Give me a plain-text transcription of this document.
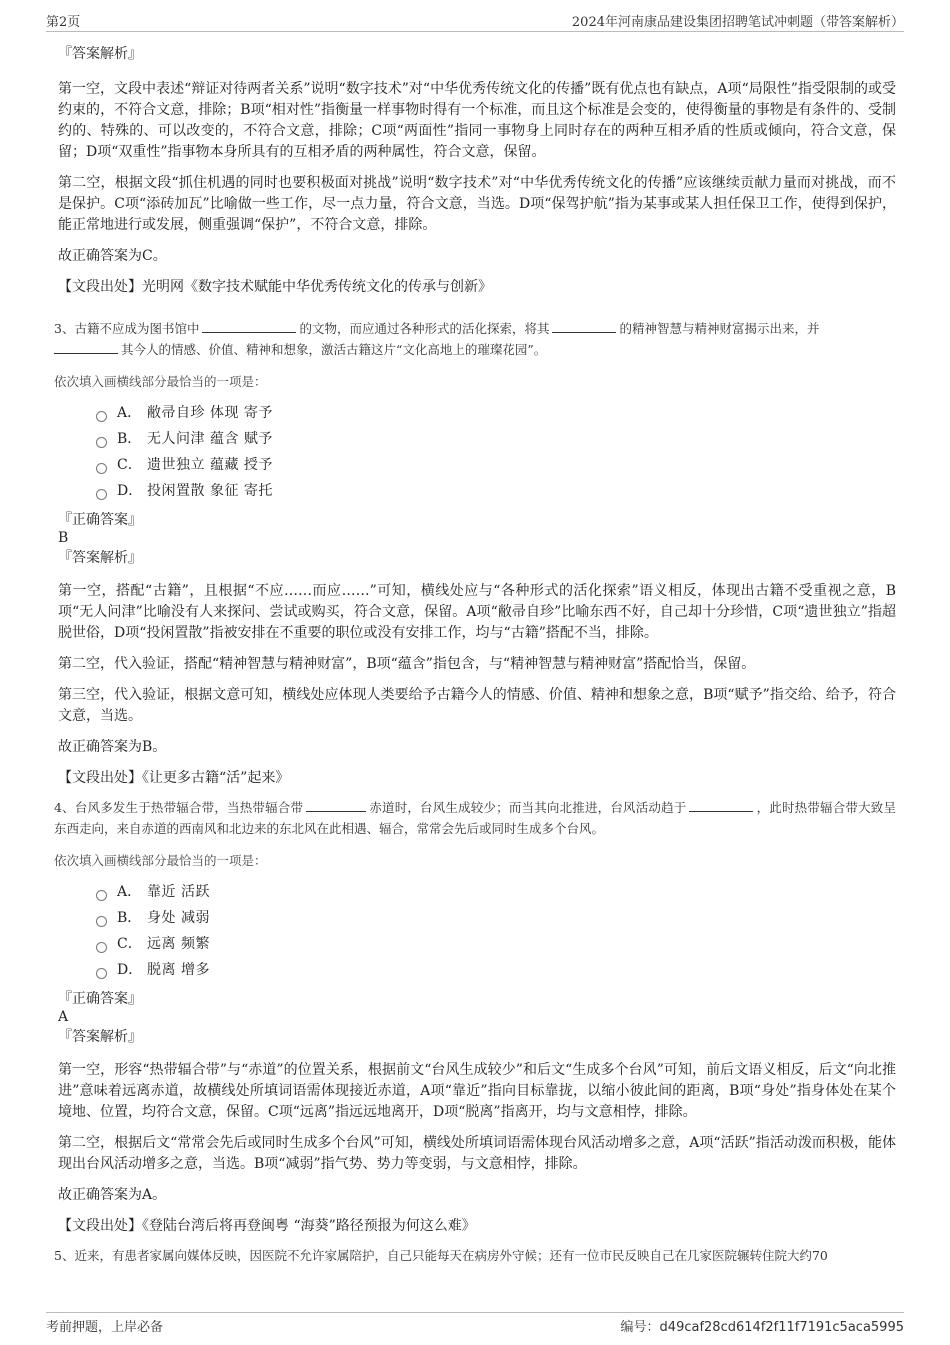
第2页	2024年河南康品建设集团招聘笔试冲刺题（带答案解析）

『答案解析』

第一空，文段中表述“辩证对待两者关系”说明“数字技术”对“中华优秀传统文化的传播”既有优点也有缺点，A项“局限性”指受限制的或受约束的，不符合文意，排除；B项“相对性”指衡量一样事物时得有一个标准，而且这个标准是会变的，使得衡量的事物是有条件的、受制约的、特殊的、可以改变的，不符合文意，排除；C项“两面性”指同一事物身上同时存在的两种互相矛盾的性质或倾向，符合文意，保留；D项“双重性”指事物本身所具有的互相矛盾的两种属性，符合文意，保留。

第二空，根据文段“抓住机遇的同时也要积极面对挑战”说明“数字技术”对“中华优秀传统文化的传播”应该继续贡献力量而对挑战，而不是保护。C项“添砖加瓦”比喻做一些工作，尽一点力量，符合文意，当选。D项“保驾护航”指为某事或某人担任保卫工作，使得到保护，能正常地进行或发展，侧重强调“保护”，不符合文意，排除。

故正确答案为C。

【文段出处】光明网《数字技术赋能中华优秀传统文化的传承与创新》

3、古籍不应成为图书馆中	的文物，而应通过各种形式的活化探索，将其	的精神智慧与精神财富揭示出来，并
其今人的情感、价值、精神和想象，激活古籍这片“文化高地上的璀璨花园”。

依次填入画横线部分最恰当的一项是：

A． 敝帚自珍 体现 寄予
B． 无人问津 蕴含 赋予
C． 遗世独立 蕴藏 授予
D． 投闲置散 象征 寄托

『正确答案』

B

『答案解析』

第一空，搭配“古籍”，且根据“不应……而应……”可知，横线处应与“各种形式的活化探索”语义相反，体现出古籍不受重视之意，B项“无人问津”比喻没有人来探问、尝试或购买，符合文意，保留。A项“敝帚自珍”比喻东西不好，自己却十分珍惜，C项“遗世独立”指超脱世俗，D项“投闲置散”指被安排在不重要的职位或没有安排工作，均与“古籍”搭配不当，排除。

第二空，代入验证，搭配“精神智慧与精神财富”，B项“蕴含”指包含，与“精神智慧与精神财富”搭配恰当，保留。

第三空，代入验证，根据文意可知，横线处应体现人类要给予古籍今人的情感、价值、精神和想象之意，B项“赋予”指交给、给予，符合文意，当选。

故正确答案为B。

【文段出处】《让更多古籍“活”起来》

4、台风多发生于热带辐合带，当热带辐合带	赤道时，台风生成较少；而当其向北推进，台风活动趋于	，此时热带辐合带大致呈东西走向，来自赤道的西南风和北边来的东北风在此相遇、辐合，常常会先后或同时生成多个台风。

依次填入画横线部分最恰当的一项是：

A． 靠近 活跃
B． 身处 减弱
C． 远离 频繁
D． 脱离 增多

『正确答案』

A

『答案解析』

第一空，形容“热带辐合带”与“赤道”的位置关系，根据前文“台风生成较少”和后文“生成多个台风”可知，前后文语义相反，后文“向北推进”意味着远离赤道，故横线处所填词语需体现接近赤道，A项“靠近”指向目标靠拢，以缩小彼此间的距离，B项“身处”指身体处在某个境地、位置，均符合文意，保留。C项“远离”指远远地离开，D项“脱离”指离开，均与文意相悖，排除。

第二空，根据后文“常常会先后或同时生成多个台风”可知，横线处所填词语需体现台风活动增多之意，A项“活跃”指活动泼而积极，能体现出台风活动增多之意，当选。B项“减弱”指气势、势力等变弱，与文意相悖，排除。

故正确答案为A。

【文段出处】《登陆台湾后将再登闽粤 “海葵”路径预报为何这么难》

5、近来，有患者家属向媒体反映，因医院不允许家属陪护，自己只能每天在病房外守候；还有一位市民反映自己在几家医院辗转住院大约70

考前押题，上岸必备	编号：d49caf28cd614f2f11f7191c5aca5995
